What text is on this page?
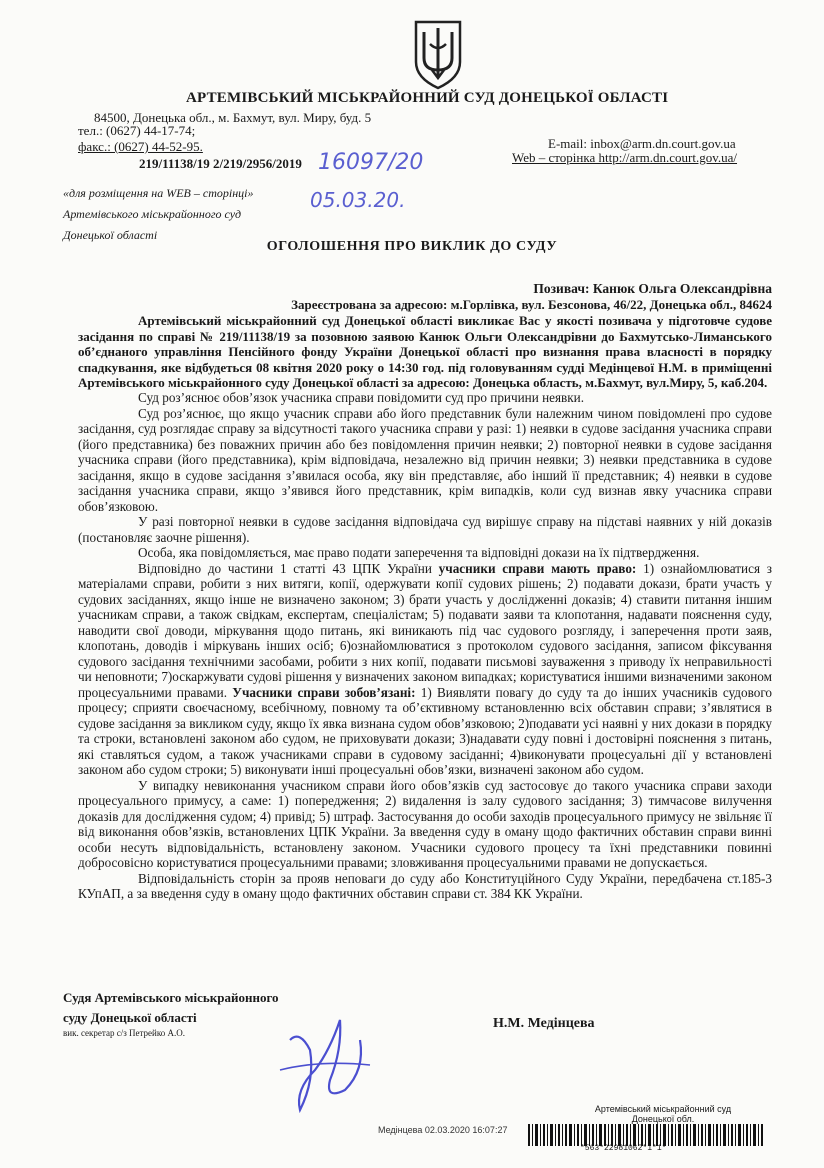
АРТЕМІВСЬКИЙ МІСЬКРАЙОННИЙ СУД ДОНЕЦЬКОЇ ОБЛАСТІ
84500, Донецька обл., м. Бахмут, вул. Миру, буд. 5
тел.: (0627) 44-17-74;
факс.: (0627) 44-52-95.	E-mail: inbox@arm.dn.court.gov.ua
Web – сторінка http://arm.dn.court.gov.ua/
219/11138/19 2/219/2956/2019 16097/20
05.03.20.
«для розміщення на WEB – сторінці»
Артемівського міськрайонного суд
Донецької області
ОГОЛОШЕННЯ ПРО ВИКЛИК ДО СУДУ
Позивач: Канюк Ольга Олександрівна
Зареєстрована за адресою: м.Горлівка, вул. Безсонова, 46/22, Донецька обл., 84624
Артемівський міськрайонний суд Донецької області викликає Вас у якості позивача у підготовче судове засідання по справі № 219/11138/19 за позовною заявою Канюк Ольги Олександрівни до Бахмутсько-Лиманського об’єднаного управління Пенсійного фонду України Донецької області про визнання права власності в порядку спадкування, яке відбудеться 08 квітня 2020 року о 14:30 год. під головуванням судді Медінцевої Н.М. в приміщенні Артемівського міськрайонного суду Донецької області за адресою: Донецька область, м.Бахмут, вул.Миру, 5, каб.204.

Суд роз’яснює обов’язок учасника справи повідомити суд про причини неявки.

Суд роз’яснює, що якщо учасник справи або його представник були належним чином повідомлені про судове засідання, суд розглядає справу за відсутності такого учасника справи у разі: 1) неявки в судове засідання учасника справи (його представника) без поважних причин або без повідомлення причин неявки; 2) повторної неявки в судове засідання учасника справи (його представника), крім відповідача, незалежно від причин неявки; 3) неявки представника в судове засідання, якщо в судове засідання з’явилася особа, яку він представляє, або інший її представник; 4) неявки в судове засідання учасника справи, якщо з’явився його представник, крім випадків, коли суд визнав явку учасника справи обов’язковою.

У разі повторної неявки в судове засідання відповідача суд вирішує справу на підставі наявних у ній доказів (постановляє заочне рішення).

Особа, яка повідомляється, має право подати заперечення та відповідні докази на їх підтвердження.

Відповідно до частини 1 статті 43 ЦПК України учасники справи мають право: 1) ознайомлюватися з матеріалами справи, робити з них витяги, копії, одержувати копії судових рішень; 2) подавати докази, брати участь у судових засіданнях, якщо інше не визначено законом; 3) брати участь у дослідженні доказів; 4) ставити питання іншим учасникам справи, а також свідкам, експертам, спеціалістам; 5) подавати заяви та клопотання, надавати пояснення суду, наводити свої доводи, міркування щодо питань, які виникають під час судового розгляду, і заперечення проти заяв, клопотань, доводів і міркувань інших осіб; 6)ознайомлюватися з протоколом судового засідання, записом фіксування судового засідання технічними засобами, робити з них копії, подавати письмові зауваження з приводу їх неправильності чи неповноти; 7)оскаржувати судові рішення у визначених законом випадках; користуватися іншими визначеними законом процесуальними правами. Учасники справи зобов’язані: 1) Виявляти повагу до суду та до інших учасників судового процесу; сприяти своєчасному, всебічному, повному та об’єктивному встановленню всіх обставин справи; з’являтися в судове засідання за викликом суду, якщо їх явка визнана судом обов’язковою; 2)подавати усі наявні у них докази в порядку та строки, встановлені законом або судом, не приховувати докази; 3)надавати суду повні і достовірні пояснення з питань, які ставляться судом, а також учасниками справи в судовому засіданні; 4)виконувати процесуальні дії у встановлені законом або судом строки; 5) виконувати інші процесуальні обов’язки, визначені законом або судом.

У випадку невиконання учасником справи його обов’язків суд застосовує до такого учасника справи заходи процесуального примусу, а саме: 1) попередження; 2) видалення із залу судового засідання; 3) тимчасове вилучення доказів для дослідження судом; 4) привід; 5) штраф. Застосування до особи заходів процесуального примусу не звільняє її від виконання обов’язків, встановлених ЦПК України. За введення суду в оману щодо фактичних обставин справи винні особи несуть відповідальність, встановлену законом. Учасники судового процесу та їхні представники повинні добросовісно користуватися процесуальними правами; зловживання процесуальними правами не допускається.

Відповідальність сторін за прояв неповаги до суду або Конституційного Суду України, передбачена ст.185-3 КУпАП, а за введення суду в оману щодо фактичних обставин справи ст. 384 КК України.

Судя Артемівського міськрайонного
суду Донецької області
вик. секретар с/з Петрейко А.О.
Н.М. Медінцева
Артемівський міськрайонний суд
Донецької обл.
Медінцева 02.03.2020 16:07:27
*563*22981062*1*1*
